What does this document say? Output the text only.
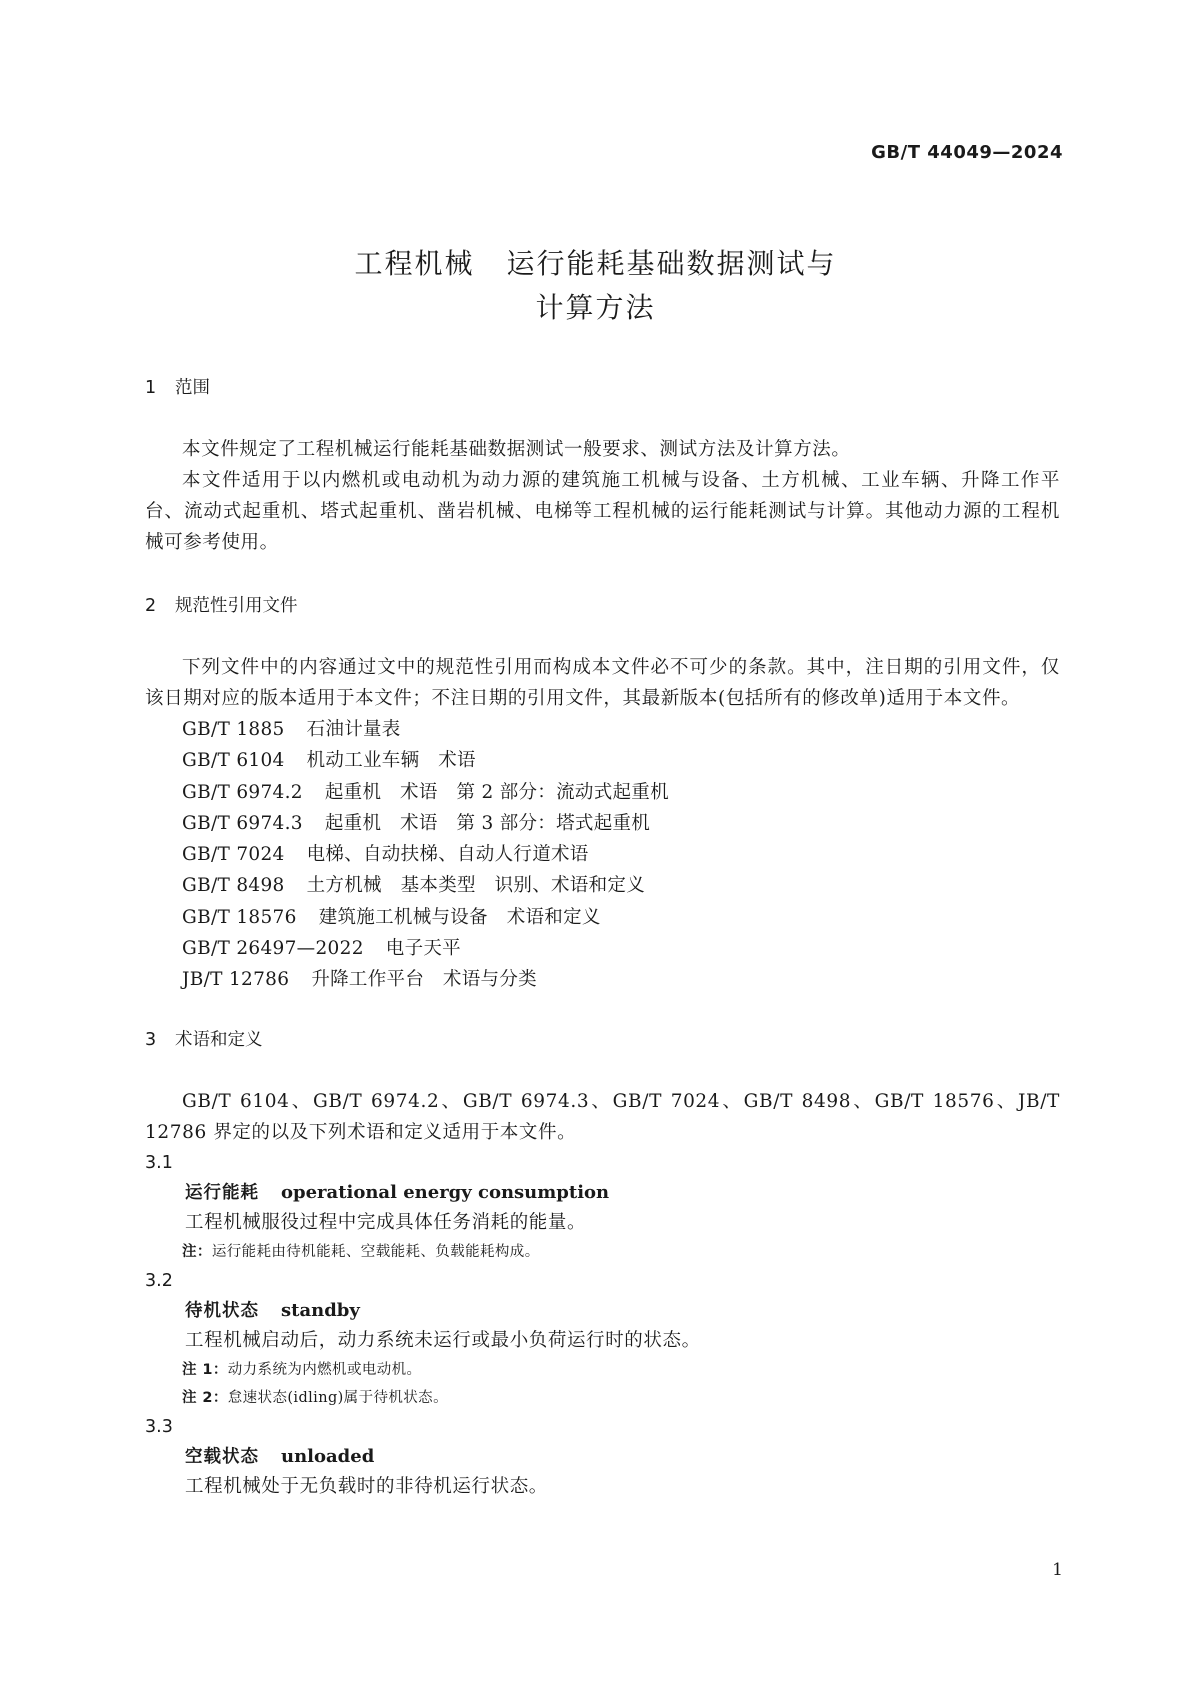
GB/T 44049—2024
工程机械 运行能耗基础数据测试与
计算方法
1 范围

本文件规定了工程机械运行能耗基础数据测试一般要求、测试方法及计算方法。

本文件适用于以内燃机或电动机为动力源的建筑施工机械与设备、土方机械、工业车辆、升降工作平台、流动式起重机、塔式起重机、凿岩机械、电梯等工程机械的运行能耗测试与计算。其他动力源的工程机械可参考使用。

2 规范性引用文件

下列文件中的内容通过文中的规范性引用而构成本文件必不可少的条款。其中，注日期的引用文件，仅该日期对应的版本适用于本文件；不注日期的引用文件，其最新版本(包括所有的修改单)适用于本文件。

GB/T 1885 石油计量表
GB/T 6104 机动工业车辆　术语
GB/T 6974.2 起重机　术语　第 2 部分：流动式起重机
GB/T 6974.3 起重机　术语　第 3 部分：塔式起重机
GB/T 7024 电梯、自动扶梯、自动人行道术语
GB/T 8498 土方机械　基本类型　识别、术语和定义
GB/T 18576 建筑施工机械与设备　术语和定义
GB/T 26497—2022 电子天平
JB/T 12786 升降工作平台　术语与分类
3 术语和定义

GB/T 6104、GB/T 6974.2、GB/T 6974.3、GB/T 7024、GB/T 8498、GB/T 18576、JB/T 12786 界定的以及下列术语和定义适用于本文件。

3.1
运行能耗 operational energy consumption
工程机械服役过程中完成具体任务消耗的能量。
注：运行能耗由待机能耗、空载能耗、负载能耗构成。
3.2
待机状态 standby
工程机械启动后，动力系统未运行或最小负荷运行时的状态。
注 1：动力系统为内燃机或电动机。
注 2：怠速状态(idling)属于待机状态。
3.3
空载状态 unloaded
工程机械处于无负载时的非待机运行状态。
1
